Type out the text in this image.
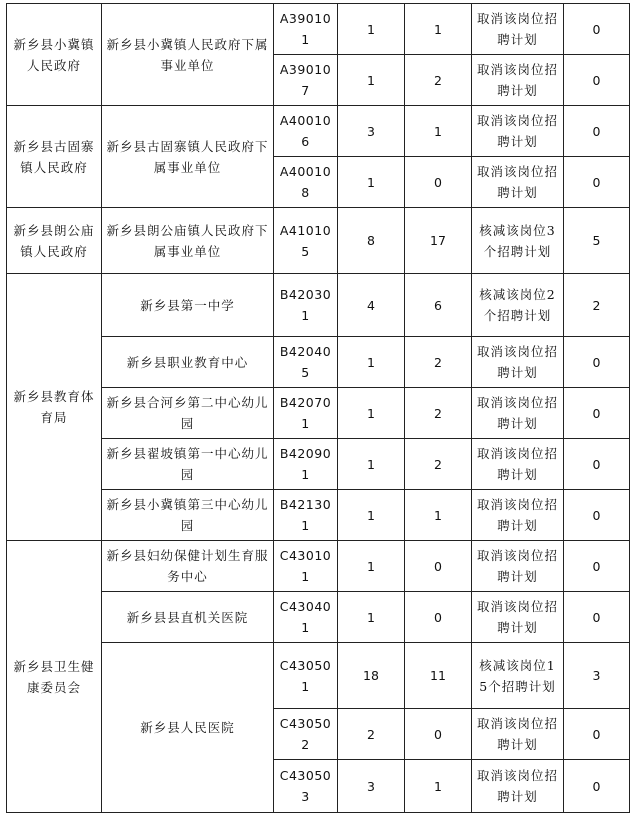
新乡县小冀镇人民政府	新乡县小冀镇人民政府下属事业单位	A390101	1	1	取消该岗位招聘计划	0
		A390107	1	2	取消该岗位招聘计划	0
新乡县古固寨镇人民政府	新乡县古固寨镇人民政府下属事业单位	A400106	3	1	取消该岗位招聘计划	0
		A400108	1	0	取消该岗位招聘计划	0
新乡县朗公庙镇人民政府	新乡县朗公庙镇人民政府下属事业单位	A410105	8	17	核减该岗位3个招聘计划	5
新乡县教育体育局	新乡县第一中学	B420301	4	6	核减该岗位2个招聘计划	2
	新乡县职业教育中心	B420405	1	2	取消该岗位招聘计划	0
	新乡县合河乡第二中心幼儿园	B420701	1	2	取消该岗位招聘计划	0
	新乡县翟坡镇第一中心幼儿园	B420901	1	2	取消该岗位招聘计划	0
	新乡县小冀镇第三中心幼儿园	B421301	1	1	取消该岗位招聘计划	0
新乡县卫生健康委员会	新乡县妇幼保健计划生育服务中心	C430101	1	0	取消该岗位招聘计划	0
	新乡县县直机关医院	C430401	1	0	取消该岗位招聘计划	0
	新乡县人民医院	C430501	18	11	核减该岗位15个招聘计划	3
		C430502	2	0	取消该岗位招聘计划	0
		C430503	3	1	取消该岗位招聘计划	0
